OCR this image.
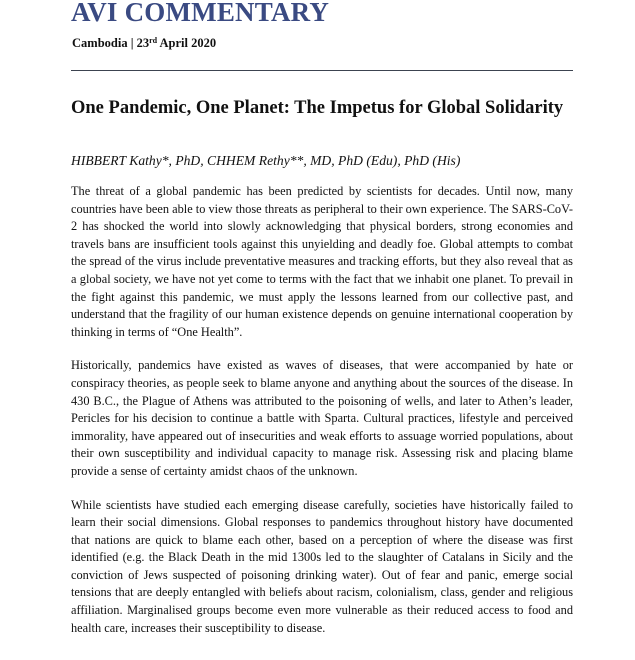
AVI COMMENTARY
Cambodia | 23rd April 2020
One Pandemic, One Planet: The Impetus for Global Solidarity
HIBBERT Kathy*, PhD, CHHEM Rethy**, MD, PhD (Edu), PhD (His)

The threat of a global pandemic has been predicted by scientists for decades. Until now, many countries have been able to view those threats as peripheral to their own experience. The SARS-CoV-2 has shocked the world into slowly acknowledging that physical borders, strong economies and travels bans are insufficient tools against this unyielding and deadly foe. Global attempts to combat the spread of the virus include preventative measures and tracking efforts, but they also reveal that as a global society, we have not yet come to terms with the fact that we inhabit one planet. To prevail in the fight against this pandemic, we must apply the lessons learned from our collective past, and understand that the fragility of our human existence depends on genuine international cooperation by thinking in terms of “One Health”.

Historically, pandemics have existed as waves of diseases, that were accompanied by hate or conspiracy theories, as people seek to blame anyone and anything about the sources of the disease. In 430 B.C., the Plague of Athens was attributed to the poisoning of wells, and later to Athen’s leader, Pericles for his decision to continue a battle with Sparta. Cultural practices, lifestyle and perceived immorality, have appeared out of insecurities and weak efforts to assuage worried populations, about their own susceptibility and individual capacity to manage risk. Assessing risk and placing blame provide a sense of certainty amidst chaos of the unknown.

While scientists have studied each emerging disease carefully, societies have historically failed to learn their social dimensions. Global responses to pandemics throughout history have documented that nations are quick to blame each other, based on a perception of where the disease was first identified (e.g. the Black Death in the mid 1300s led to the slaughter of Catalans in Sicily and the conviction of Jews suspected of poisoning drinking water). Out of fear and panic, emerge social tensions that are deeply entangled with beliefs about racism, colonialism, class, gender and religious affiliation. Marginalised groups become even more vulnerable as their reduced access to food and health care, increases their susceptibility to disease.
